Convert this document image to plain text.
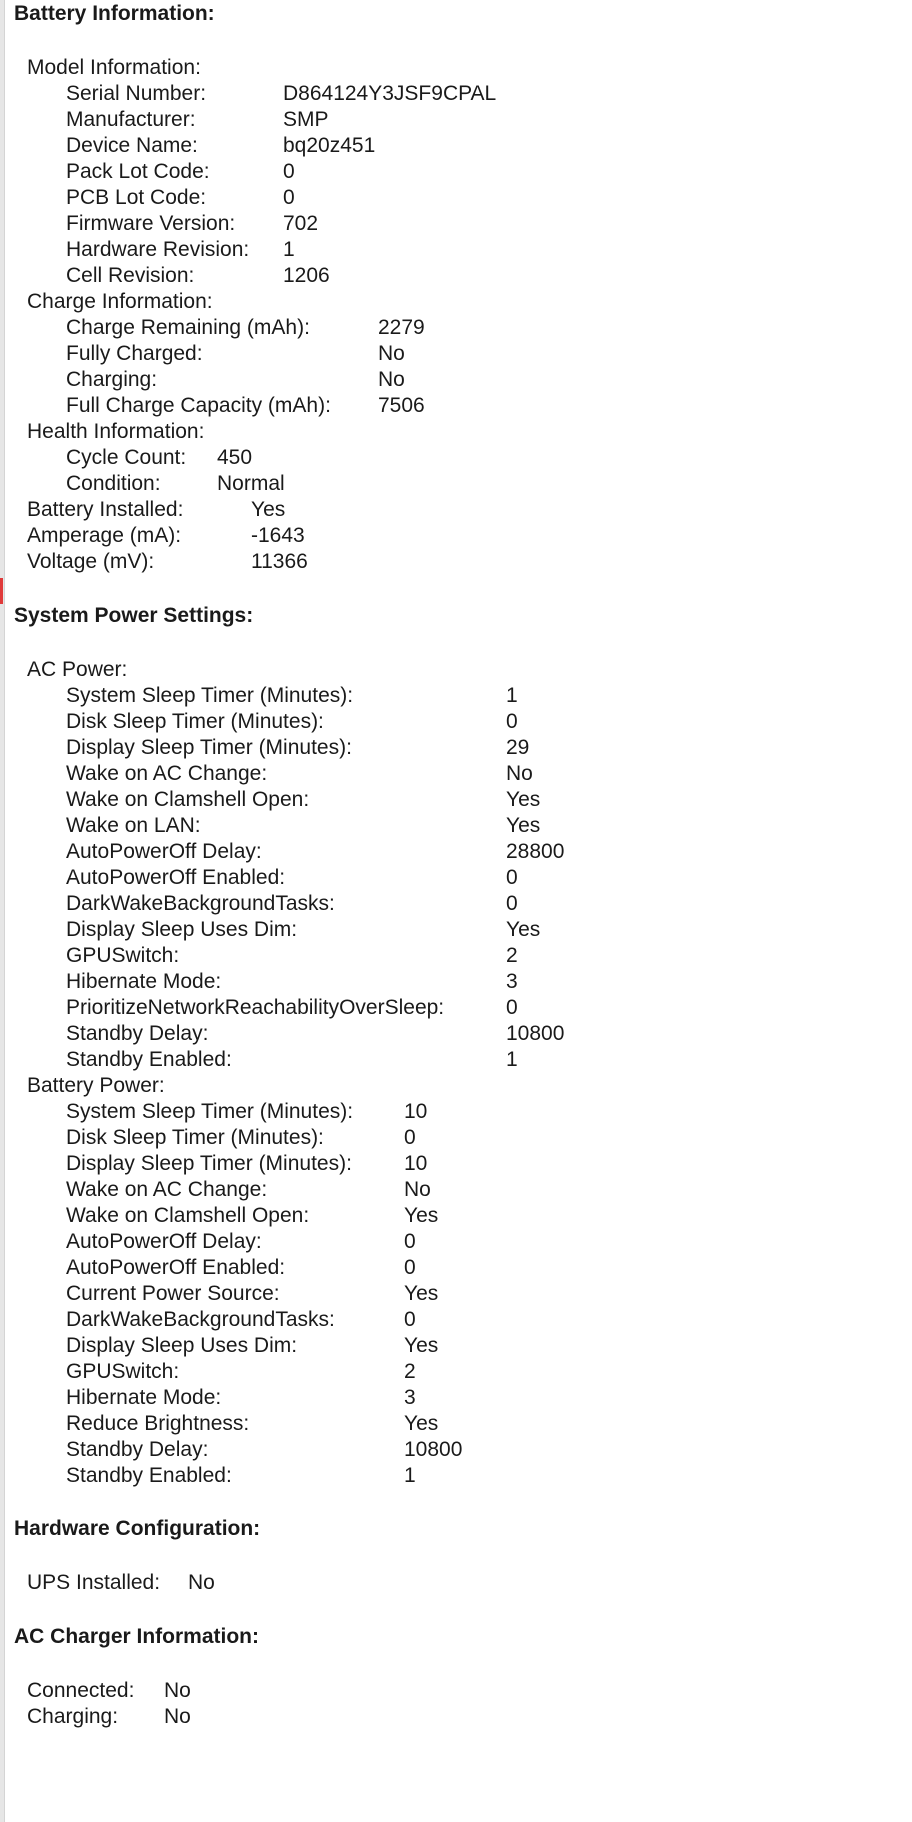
Battery Information:
Model Information:
Serial Number:	D864124Y3JSF9CPAL
Manufacturer:	SMP
Device Name:	bq20z451
Pack Lot Code:	0
PCB Lot Code:	0
Firmware Version: 702
Hardware Revision: 1
Cell Revision:	1206
Charge Information:
Charge Remaining (mAh):	2279
Fully Charged:	No
Charging:	No
Full Charge Capacity (mAh): 7506
Health Information:
Cycle Count: 450
Condition:	Normal
Battery Installed:	Yes
Amperage (mA):	-1643
Voltage (mV):	11366
System Power Settings:
AC Power:
System Sleep Timer (Minutes):	1
Disk Sleep Timer (Minutes):	0
Display Sleep Timer (Minutes):	29
Wake on AC Change:	No
Wake on Clamshell Open:	Yes
Wake on LAN:	Yes
AutoPowerOff Delay:	28800
AutoPowerOff Enabled:	0
DarkWakeBackgroundTasks:	0
Display Sleep Uses Dim:	Yes
GPUSwitch:	2
Hibernate Mode:	3
PrioritizeNetworkReachabilityOverSleep:	0
Standby Delay:	10800
Standby Enabled:	1
Battery Power:
System Sleep Timer (Minutes): 10
Disk Sleep Timer (Minutes):	0
Display Sleep Timer (Minutes): 10
Wake on AC Change:	No
Wake on Clamshell Open:	Yes
AutoPowerOff Delay:	0
AutoPowerOff Enabled:	0
Current Power Source:	Yes
DarkWakeBackgroundTasks:	0
Display Sleep Uses Dim:	Yes
GPUSwitch:	2
Hibernate Mode:	3
Reduce Brightness:	Yes
Standby Delay:	10800
Standby Enabled:	1
Hardware Configuration:
UPS Installed: No
AC Charger Information:
Connected: No
Charging: No
